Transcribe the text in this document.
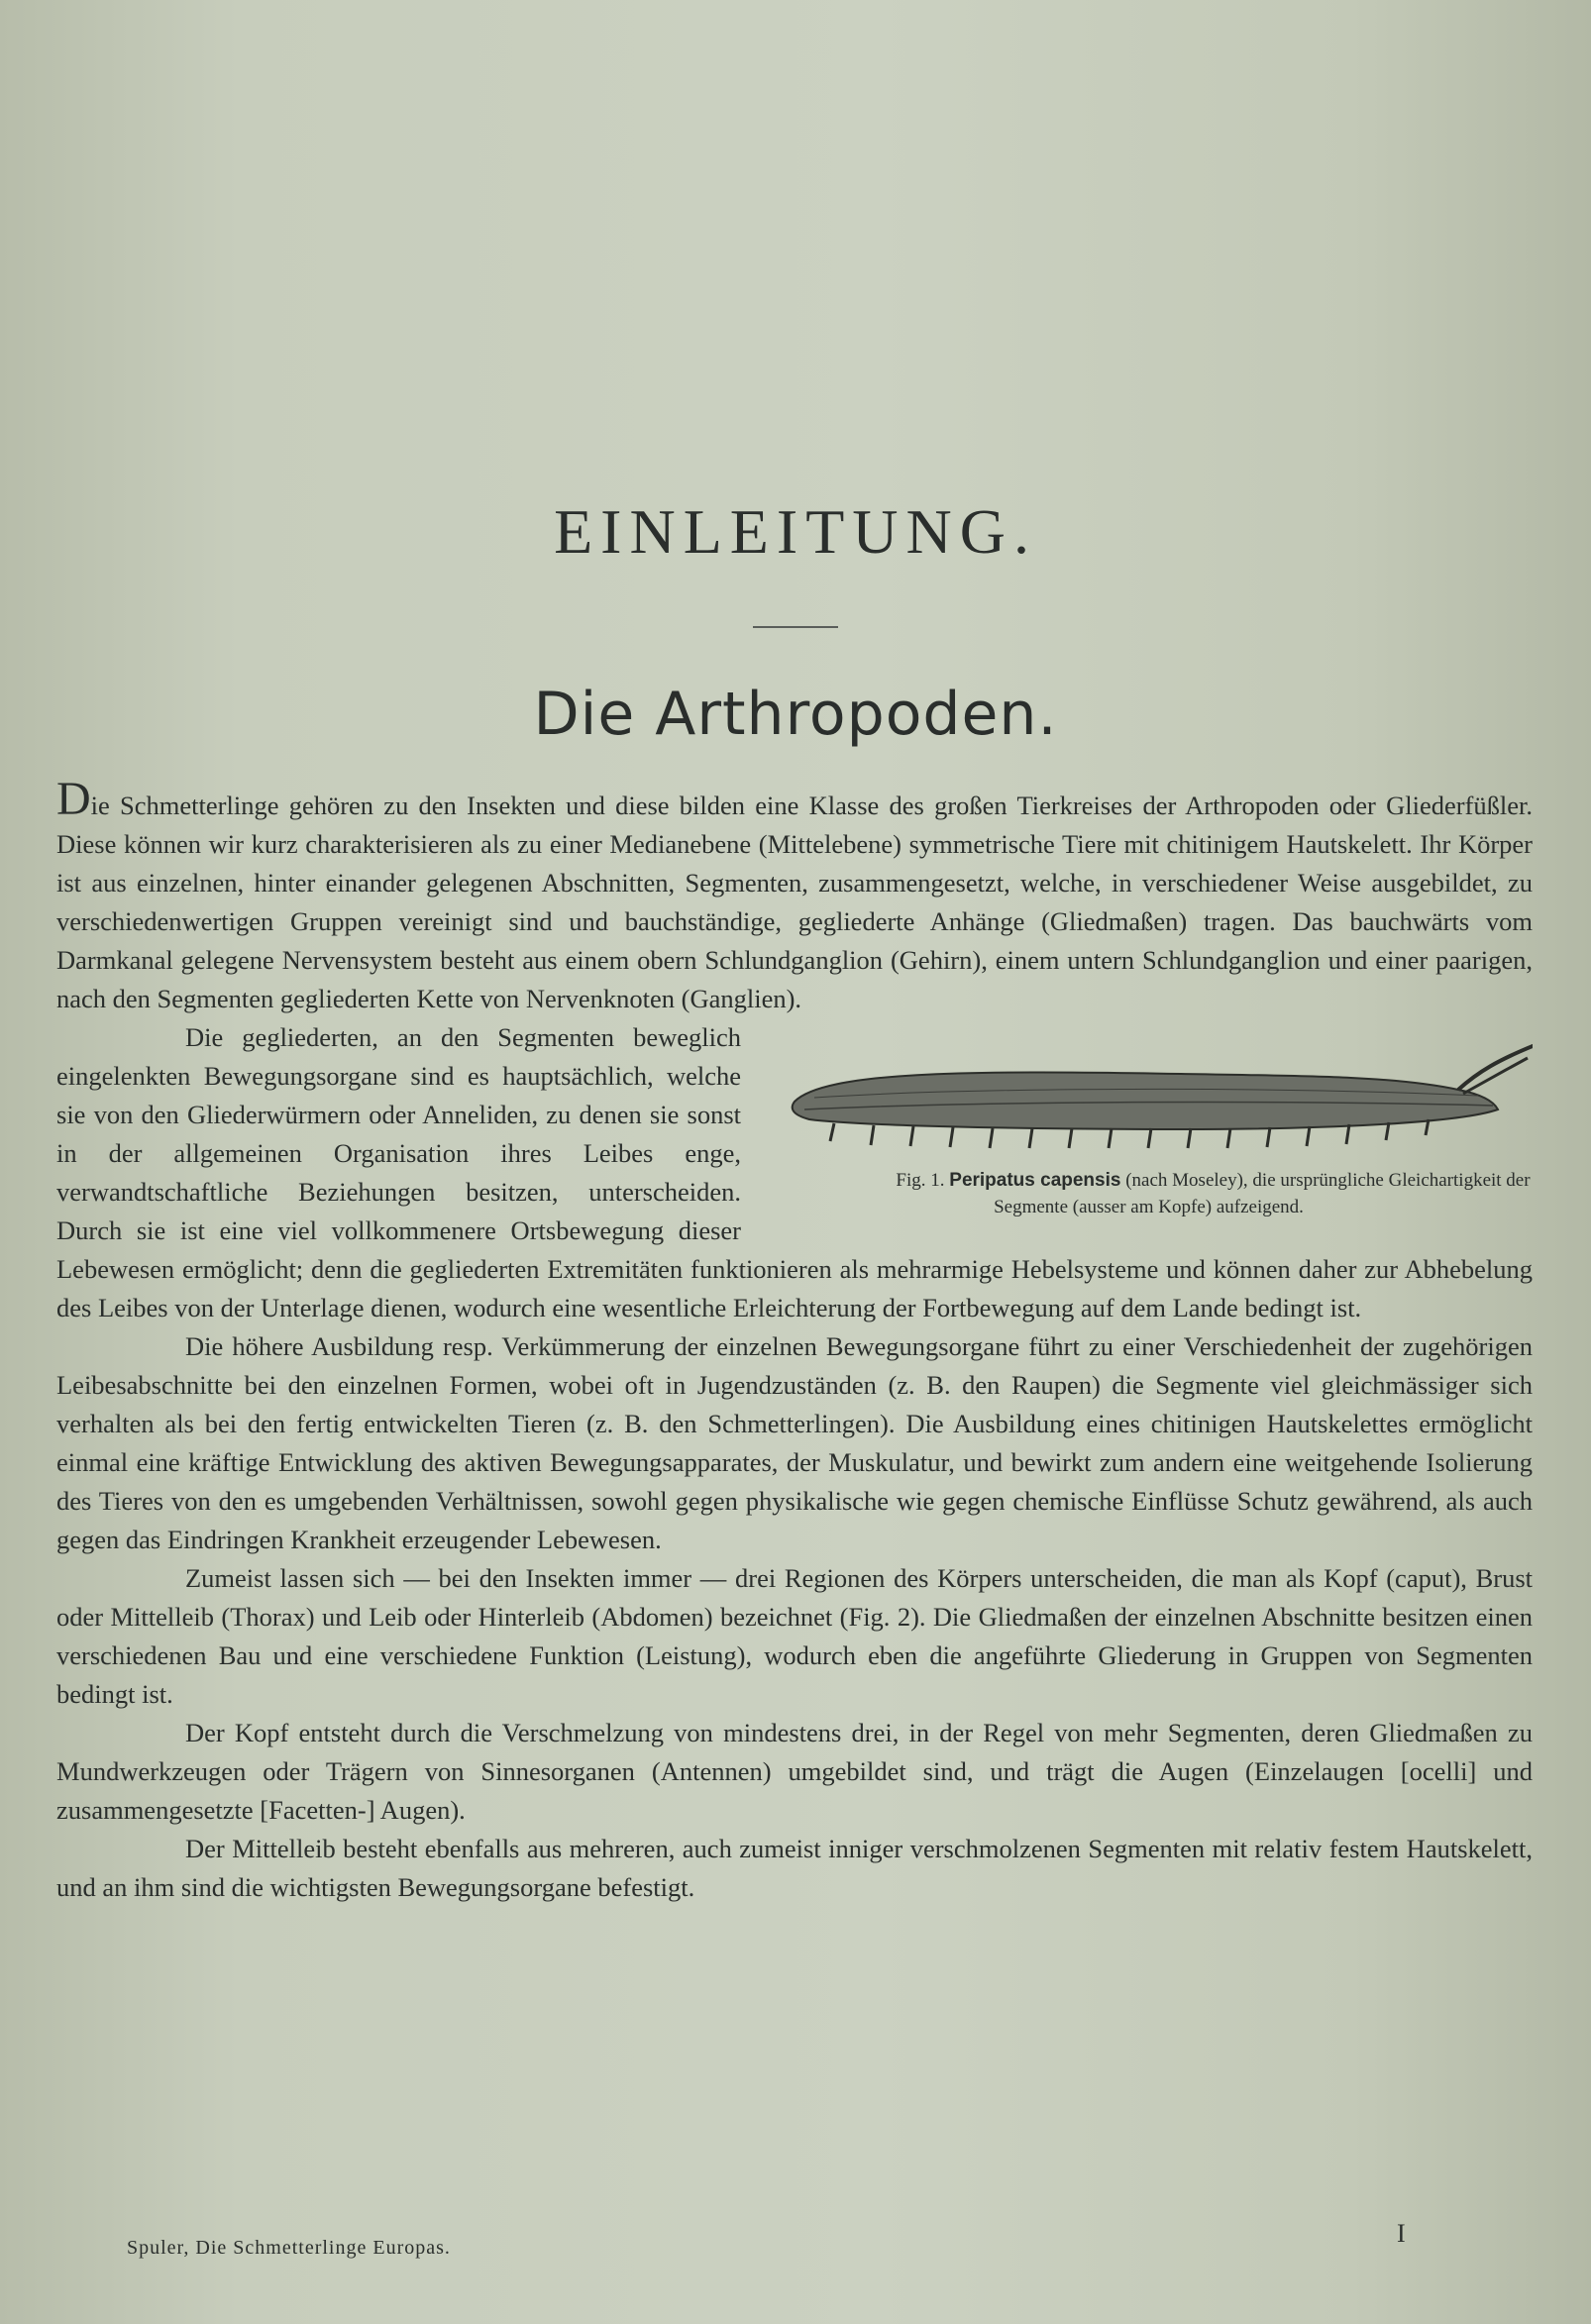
EINLEITUNG.
Die Arthropoden.

Die Schmetterlinge gehören zu den Insekten und diese bilden eine Klasse des großen Tierkreises der Arthropoden oder Gliederfüßler. Diese können wir kurz charakterisieren als zu einer Medianebene (Mittelebene) symmetrische Tiere mit chitinigem Hautskelett. Ihr Körper ist aus einzelnen, hinter einander gelegenen Abschnitten, Segmenten, zusammengesetzt, welche, in verschiedener Weise ausgebildet, zu verschiedenwertigen Gruppen vereinigt sind und bauchständige, gegliederte Anhänge (Gliedmaßen) tragen. Das bauchwärts vom Darmkanal gelegene Nervensystem besteht aus einem obern Schlundganglion (Gehirn), einem untern Schlundganglion und einer paarigen, nach den Segmenten gegliederten Kette von Nervenknoten (Ganglien).

Fig. 1. Peripatus capensis (nach Moseley), die ursprüngliche Gleichartigkeit der Segmente (ausser am Kopfe) aufzeigend.
Die gegliederten, an den Segmenten beweglich eingelenkten Bewegungsorgane sind es hauptsächlich, welche sie von den Gliederwürmern oder Anneliden, zu denen sie sonst in der allgemeinen Organisation ihres Leibes enge, verwandtschaftliche Beziehungen besitzen, unterscheiden. Durch sie ist eine viel vollkommenere Ortsbewegung dieser Lebewesen ermöglicht; denn die gegliederten Extremitäten funktionieren als mehrarmige Hebelsysteme und können daher zur Abhebelung des Leibes von der Unterlage dienen, wodurch eine wesentliche Erleichterung der Fortbewegung auf dem Lande bedingt ist.

Die höhere Ausbildung resp. Verkümmerung der einzelnen Bewegungsorgane führt zu einer Verschiedenheit der zugehörigen Leibesabschnitte bei den einzelnen Formen, wobei oft in Jugendzuständen (z. B. den Raupen) die Segmente viel gleichmässiger sich verhalten als bei den fertig entwickelten Tieren (z. B. den Schmetterlingen). Die Ausbildung eines chitinigen Hautskelettes ermöglicht einmal eine kräftige Entwicklung des aktiven Bewegungsapparates, der Muskulatur, und bewirkt zum andern eine weitgehende Isolierung des Tieres von den es umgebenden Verhältnissen, sowohl gegen physikalische wie gegen chemische Einflüsse Schutz gewährend, als auch gegen das Eindringen Krankheit erzeugender Lebewesen.

Zumeist lassen sich — bei den Insekten immer — drei Regionen des Körpers unterscheiden, die man als Kopf (caput), Brust oder Mittelleib (Thorax) und Leib oder Hinterleib (Abdomen) bezeichnet (Fig. 2). Die Gliedmaßen der einzelnen Abschnitte besitzen einen verschiedenen Bau und eine verschiedene Funktion (Leistung), wodurch eben die angeführte Gliederung in Gruppen von Segmenten bedingt ist.

Der Kopf entsteht durch die Verschmelzung von mindestens drei, in der Regel von mehr Segmenten, deren Gliedmaßen zu Mundwerkzeugen oder Trägern von Sinnesorganen (Antennen) umgebildet sind, und trägt die Augen (Einzelaugen [ocelli] und zusammengesetzte [Facetten-] Augen).

Der Mittelleib besteht ebenfalls aus mehreren, auch zumeist inniger verschmolzenen Segmenten mit relativ festem Hautskelett, und an ihm sind die wichtigsten Bewegungsorgane befestigt.

Spuler, Die Schmetterlinge Europas.	I
